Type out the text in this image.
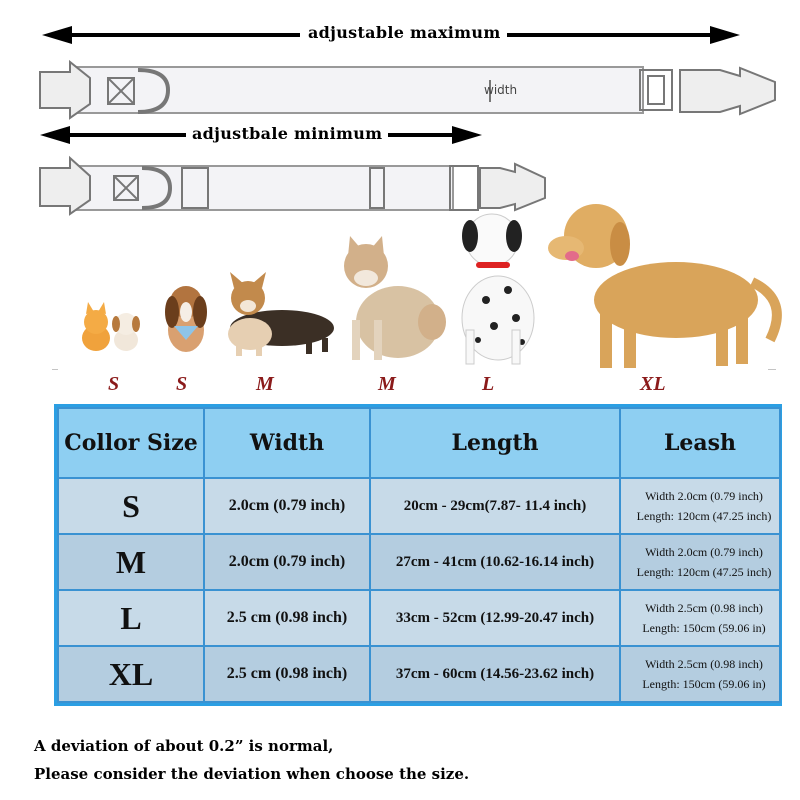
adjustable maximum
adjustbale minimum
width
S	S	M	M	L	XL
Collor Size	Width	Length	Leash
S	2.0cm (0.79 inch)	20cm - 29cm(7.87- 11.4 inch)	Width 2.0cm (0.79 inch)
Length: 120cm (47.25 inch)

M	2.0cm (0.79 inch)	27cm - 41cm (10.62-16.14 inch)	Width 2.0cm (0.79 inch)
Length: 120cm (47.25 inch)

L	2.5 cm (0.98 inch)	33cm - 52cm (12.99-20.47 inch)	Width 2.5cm (0.98 inch)
Length: 150cm (59.06 in)

XL	2.5 cm (0.98 inch)	37cm - 60cm (14.56-23.62 inch)	Width 2.5cm (0.98 inch)
Length: 150cm (59.06 in)
A deviation of about 0.2” is normal,
Please consider the deviation when choose the size.
